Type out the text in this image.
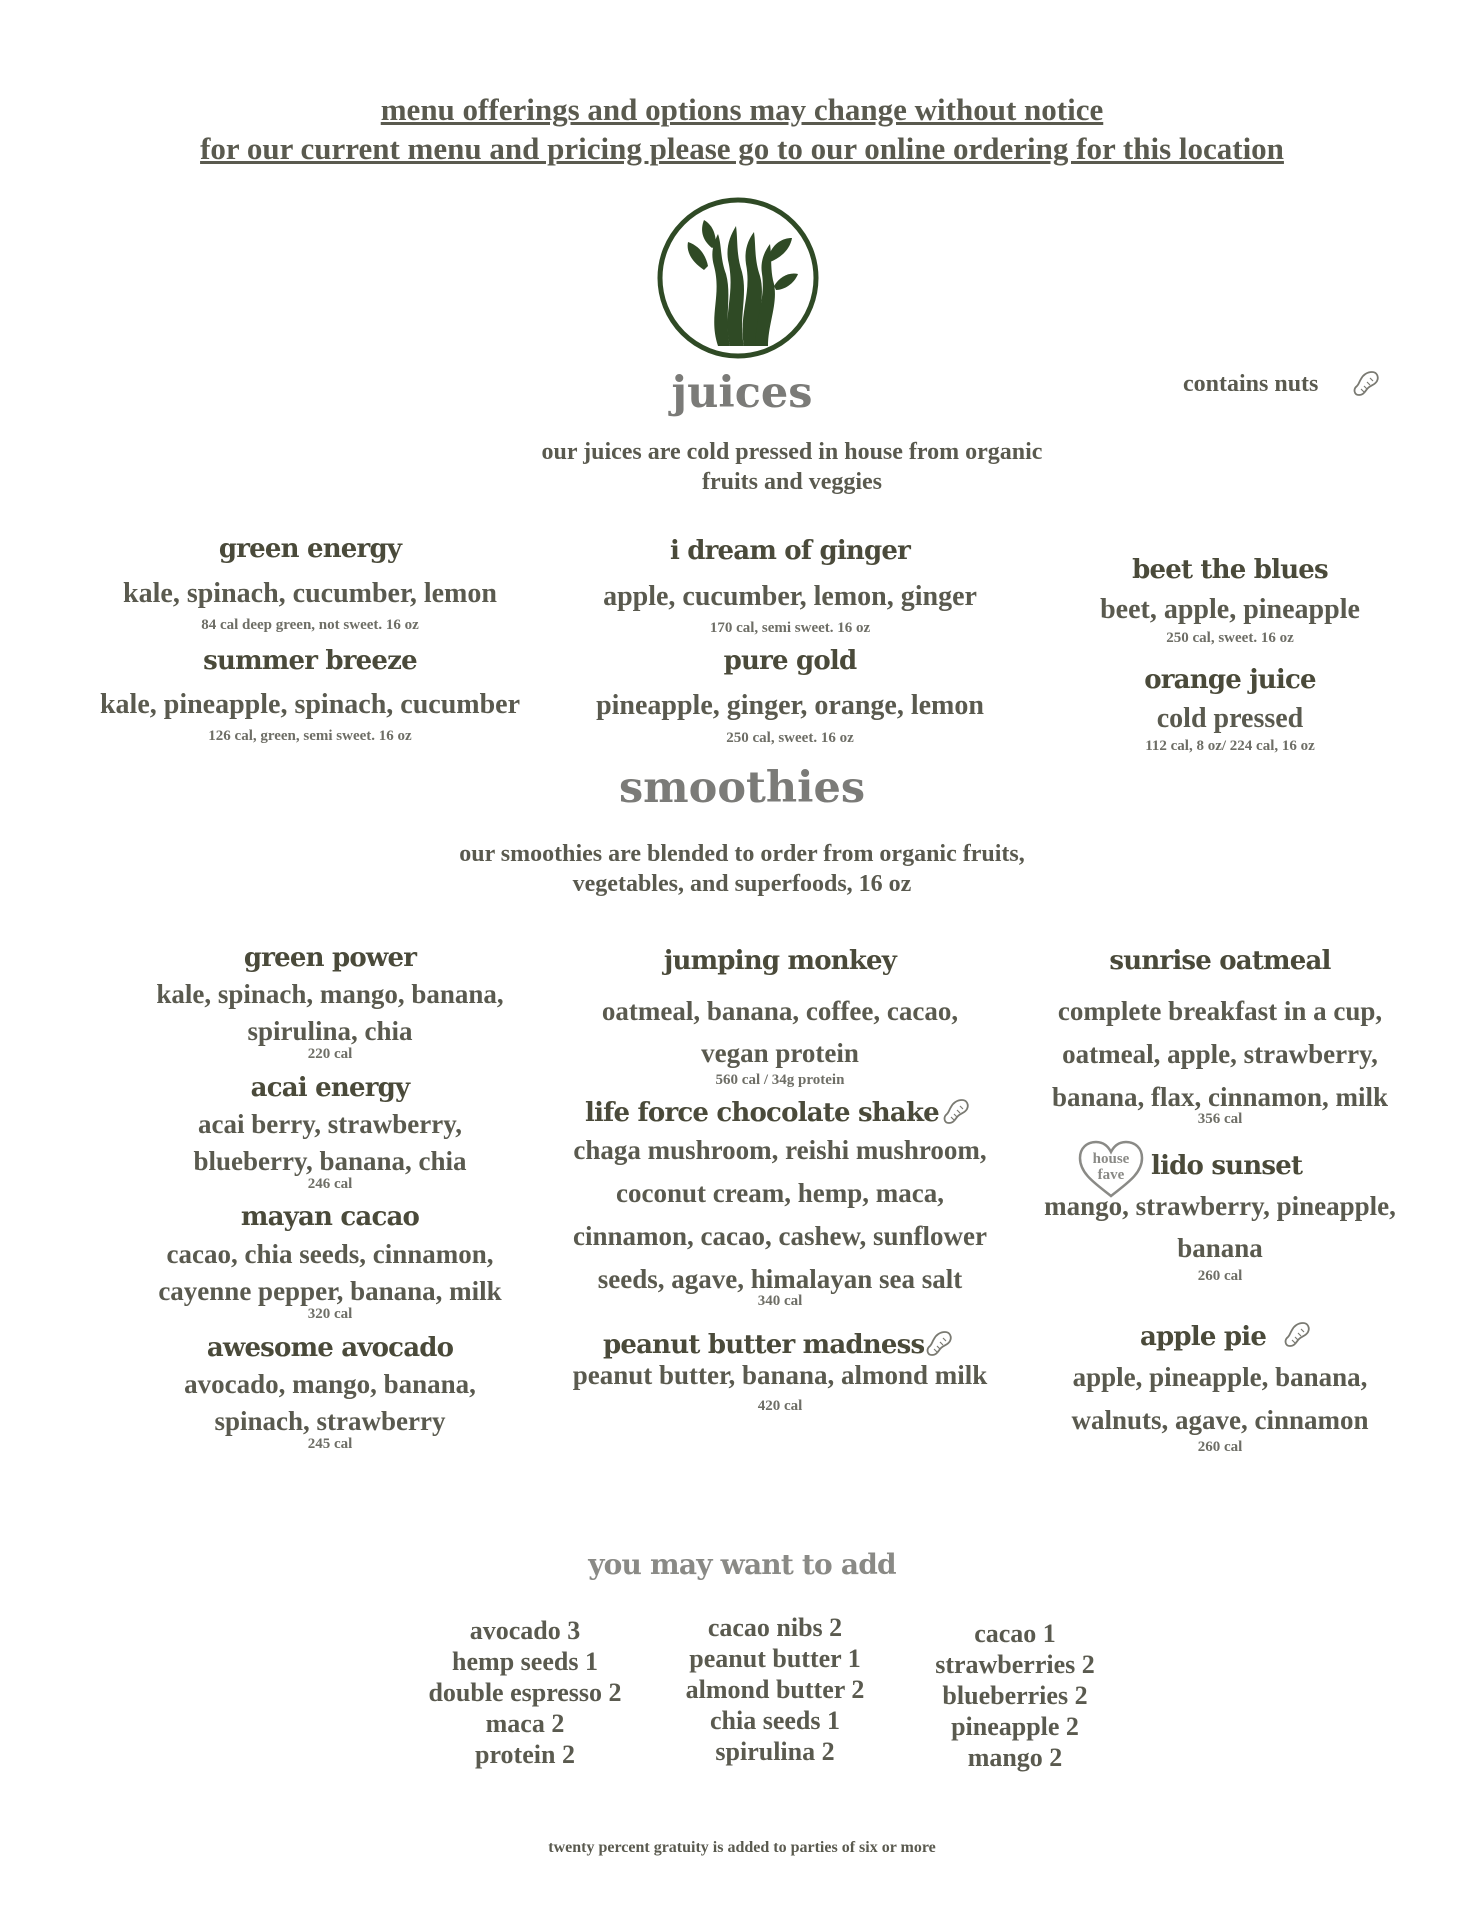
menu offerings and options may change without notice
for our current menu and pricing please go to our online ordering for this location
juices	contains nuts
our juices are cold pressed in house from organic
fruits and veggies
green energy
kale, spinach, cucumber, lemon
84 cal deep green, not sweet. 16 oz
summer breeze
kale, pineapple, spinach, cucumber
126 cal, green, semi sweet. 16 oz
i dream of ginger
apple, cucumber, lemon, ginger
170 cal, semi sweet. 16 oz
pure gold
pineapple, ginger, orange, lemon
250 cal, sweet. 16 oz
beet the blues
beet, apple, pineapple
250 cal, sweet. 16 oz
orange juice
cold pressed
112 cal, 8 oz/ 224 cal, 16 oz
smoothies
our smoothies are blended to order from organic fruits,
vegetables, and superfoods, 16 oz
green power
kale, spinach, mango, banana,
spirulina, chia
220 cal
acai energy
acai berry, strawberry,
blueberry, banana, chia
246 cal
mayan cacao
cacao, chia seeds, cinnamon,
cayenne pepper, banana, milk
320 cal
awesome avocado
avocado, mango, banana,
spinach, strawberry
245 cal
jumping monkey
oatmeal, banana, coffee, cacao,
vegan protein
560 cal / 34g protein
life force chocolate shake
chaga mushroom, reishi mushroom,
coconut cream, hemp, maca,
cinnamon, cacao, cashew, sunflower
seeds, agave, himalayan sea salt
340 cal
peanut butter madness
peanut butter, banana, almond milk
420 cal
sunrise oatmeal
complete breakfast in a cup,
oatmeal, apple, strawberry,
banana, flax, cinnamon, milk
356 cal
house fave	lido sunset
mango, strawberry, pineapple,
banana
260 cal
apple pie
apple, pineapple, banana,
walnuts, agave, cinnamon
260 cal
you may want to add
avocado 3
hemp seeds 1
double espresso 2
maca 2
protein 2
cacao nibs 2
peanut butter 1
almond butter 2
chia seeds 1
spirulina 2
cacao 1
strawberries 2
blueberries 2
pineapple 2
mango 2
twenty percent gratuity is added to parties of six or more
